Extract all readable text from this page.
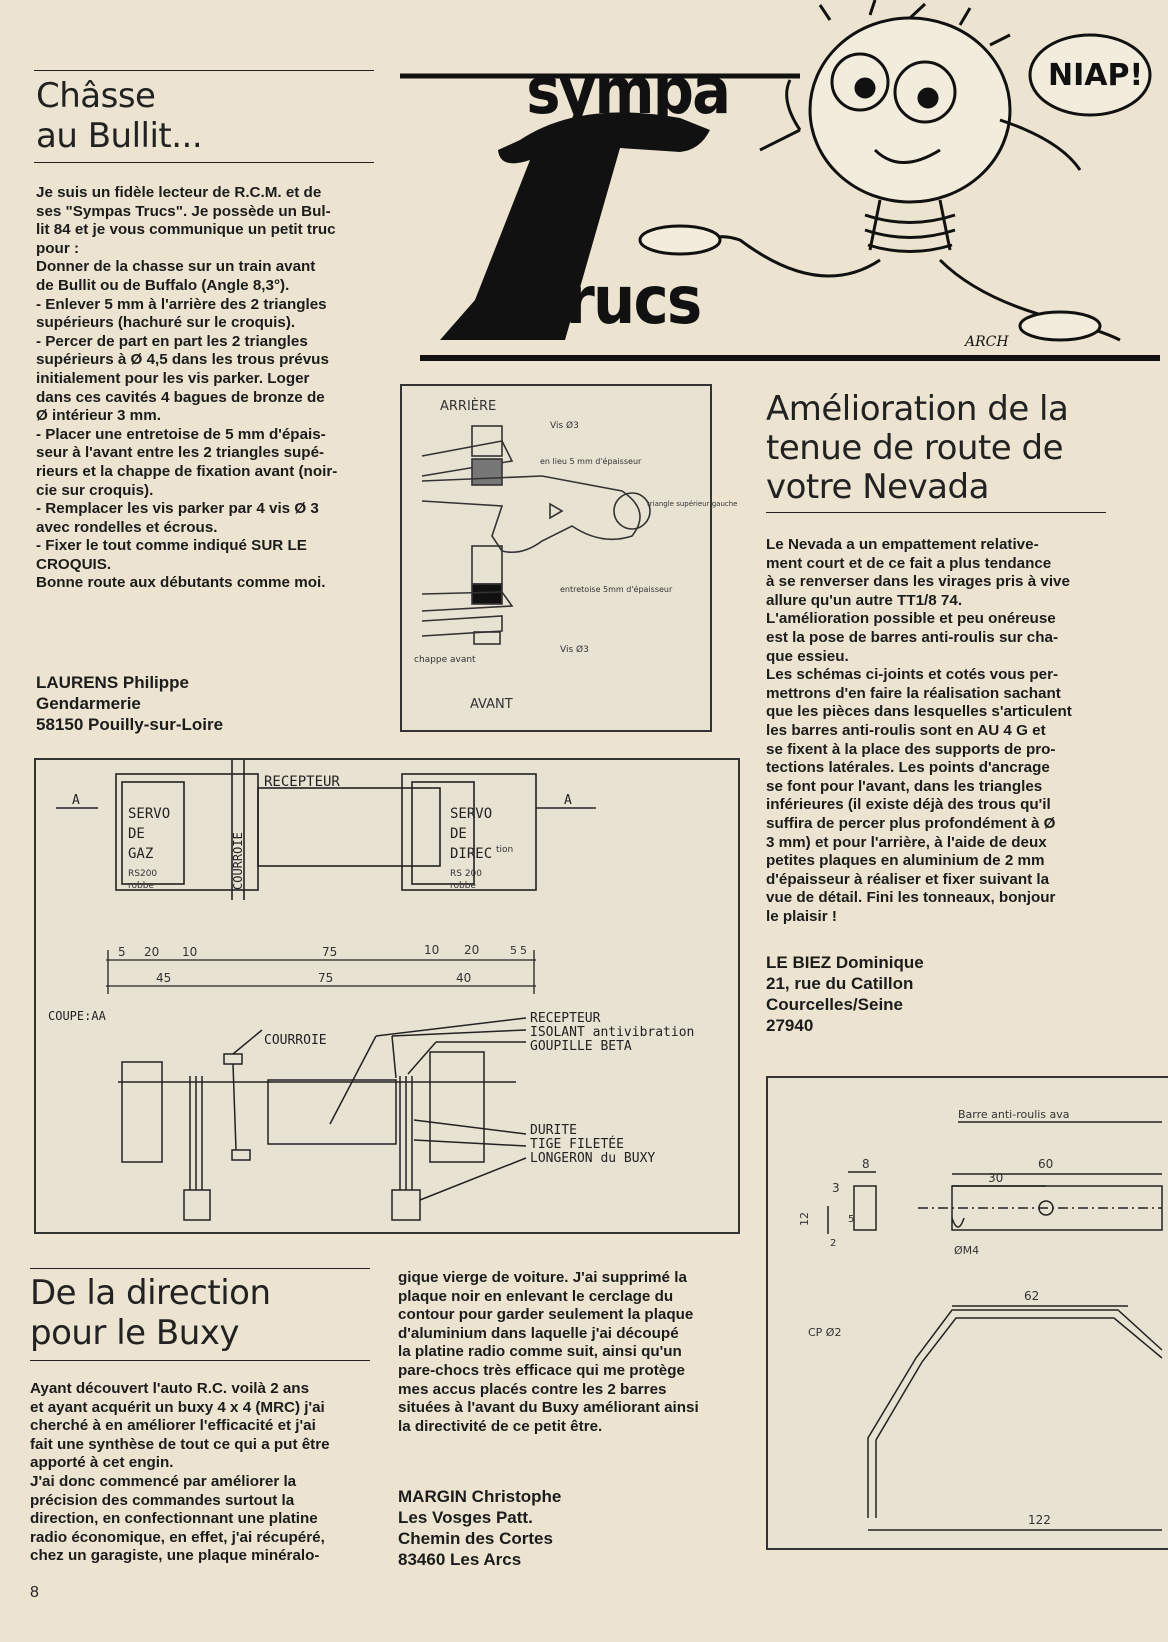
sympa
rucs
NIAP!
ARCH
Châsse
au Bullit...
Je suis un fidèle lecteur de R.C.M. et de
ses "Sympas Trucs". Je possède un Bul-
lit 84 et je vous communique un petit truc
pour :
Donner de la chasse sur un train avant
de Bullit ou de Buffalo (Angle 8,3°).
- Enlever 5 mm à l'arrière des 2 triangles
supérieurs (hachuré sur le croquis).
- Percer de part en part les 2 triangles
supérieurs à Ø 4,5 dans les trous prévus
initialement pour les vis parker. Loger
dans ces cavités 4 bagues de bronze de
Ø intérieur 3 mm.
- Placer une entretoise de 5 mm d'épais-
seur à l'avant entre les 2 triangles supé-
rieurs et la chappe de fixation avant (noir-
cie sur croquis).
- Remplacer les vis parker par 4 vis Ø 3
avec rondelles et écrous.
- Fixer le tout comme indiqué SUR LE
CROQUIS.
Bonne route aux débutants comme moi.
LAURENS Philippe
Gendarmerie
58150 Pouilly-sur-Loire
ARRIÈRE
Vis Ø3
en lieu 5 mm d'épaisseur
triangle supérieur gauche
entretoise 5mm d'épaisseur
Vis Ø3
chappe avant
AVANT
Amélioration de la
tenue de route de
votre Nevada
Le Nevada a un empattement relative-
ment court et de ce fait a plus tendance
à se renverser dans les virages pris à vive
allure qu'un autre TT1/8 74.
L'amélioration possible et peu onéreuse
est la pose de barres anti-roulis sur cha-
que essieu.
Les schémas ci-joints et cotés vous per-
mettrons d'en faire la réalisation sachant
que les pièces dans lesquelles s'articulent
les barres anti-roulis sont en AU 4 G et
se fixent à la place des supports de pro-
tections latérales. Les points d'ancrage
se font pour l'avant, dans les triangles
inférieures (il existe déjà des trous qu'il
suffira de percer plus profondément à Ø
3 mm) et pour l'arrière, à l'aide de deux
petites plaques en aluminium de 2 mm
d'épaisseur à réaliser et fixer suivant la
vue de détail. Fini les tonneaux, bonjour
le plaisir !
LE BIEZ Dominique
21, rue du Catillon
Courcelles/Seine
27940
SERVO
DE
GAZ
RS200
robbe	COURROIE
RECEPTEUR
SERVO
DE
DIREC tion
RS 200
robbe
A	A
5 20 10	75	10 20	5 5
45	75	40
COUPE:AA
COURROIE
RECEPTEUR
ISOLANT antivibration
GOUPILLE BETA
DURITE
TIGE FILETÉE
LONGERON du BUXY
Barre anti-roulis ava
8	60
3
30
12	5
2
ØM4
62
CP Ø2
122
De la direction
pour le Buxy
Ayant découvert l'auto R.C. voilà 2 ans
et ayant acquérit un buxy 4 x 4 (MRC) j'ai
cherché à en améliorer l'efficacité et j'ai
fait une synthèse de tout ce qui a put être
apporté à cet engin.
J'ai donc commencé par améliorer la
précision des commandes surtout la
direction, en confectionnant une platine
radio économique, en effet, j'ai récupéré,
chez un garagiste, une plaque minéralo-
gique vierge de voiture. J'ai supprimé la
plaque noir en enlevant le cerclage du
contour pour garder seulement la plaque
d'aluminium dans laquelle j'ai découpé
la platine radio comme suit, ainsi qu'un
pare-chocs très efficace qui me protège
mes accus placés contre les 2 barres
situées à l'avant du Buxy améliorant ainsi
la directivité de ce petit être.
MARGIN Christophe
Les Vosges Patt.
Chemin des Cortes
83460 Les Arcs
8
